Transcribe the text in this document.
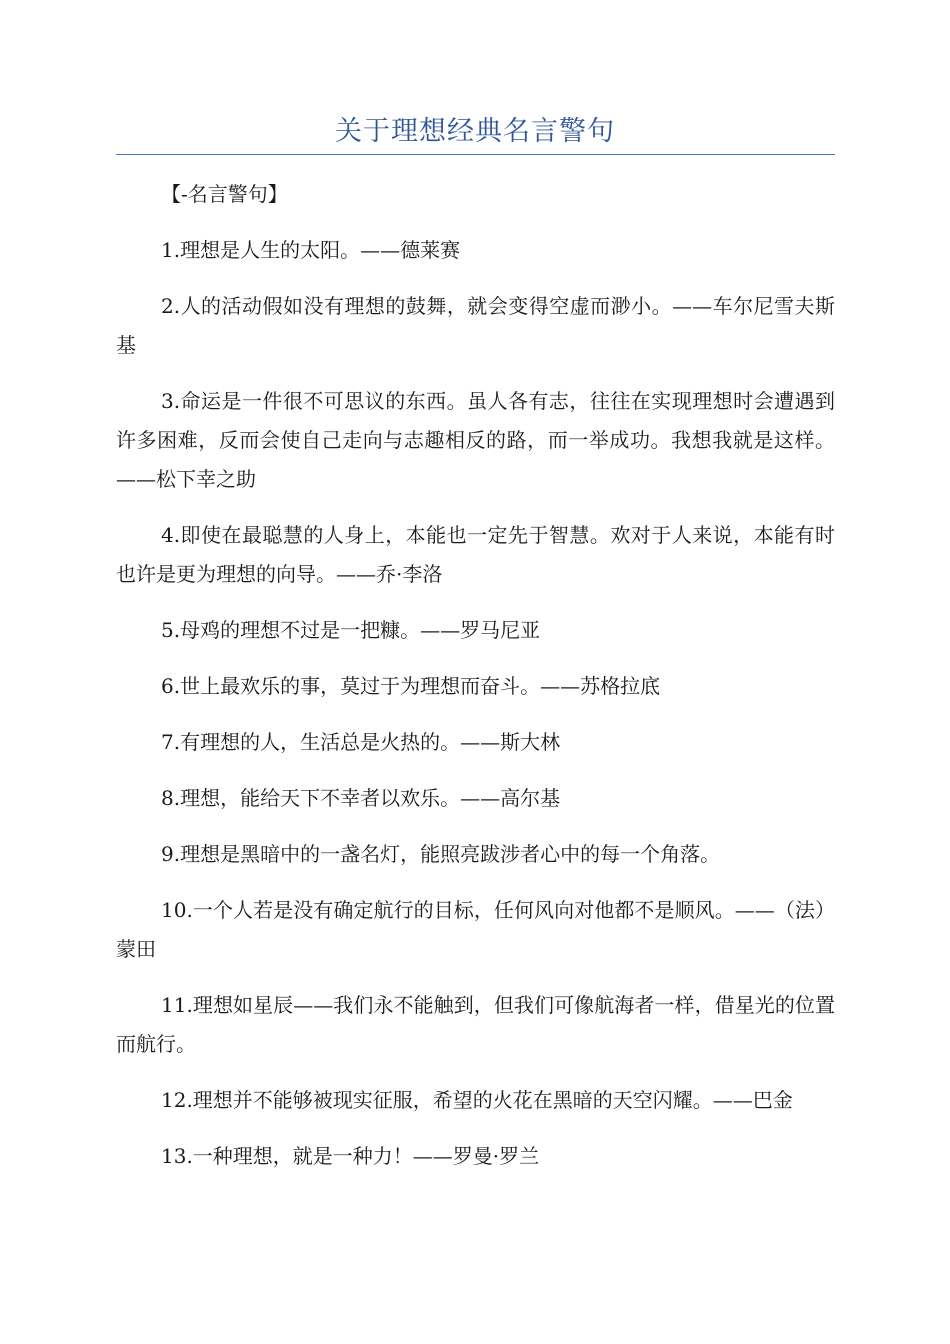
关于理想经典名言警句

【-名言警句】

1.理想是人生的太阳。——德莱赛

2.人的活动假如没有理想的鼓舞，就会变得空虚而渺小。——车尔尼雪夫斯基

3.命运是一件很不可思议的东西。虽人各有志，往往在实现理想时会遭遇到许多困难，反而会使自己走向与志趣相反的路，而一举成功。我想我就是这样。——松下幸之助

4.即使在最聪慧的人身上，本能也一定先于智慧。欢对于人来说，本能有时也许是更为理想的向导。——乔·李洛

5.母鸡的理想不过是一把糠。——罗马尼亚

6.世上最欢乐的事，莫过于为理想而奋斗。——苏格拉底

7.有理想的人，生活总是火热的。——斯大林

8.理想，能给天下不幸者以欢乐。——高尔基

9.理想是黑暗中的一盏名灯，能照亮跋涉者心中的每一个角落。

10.一个人若是没有确定航行的目标，任何风向对他都不是顺风。——（法）蒙田

11.理想如星辰——我们永不能触到，但我们可像航海者一样，借星光的位置而航行。

12.理想并不能够被现实征服，希望的火花在黑暗的天空闪耀。——巴金

13.一种理想，就是一种力！——罗曼·罗兰
